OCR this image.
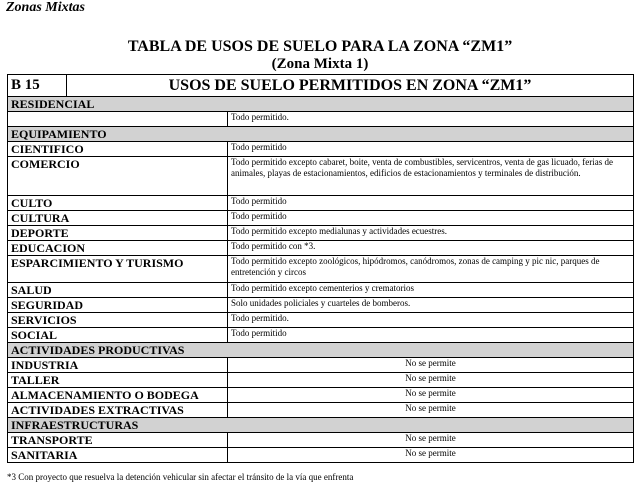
Zonas Mixtas
TABLA DE USOS DE SUELO PARA LA ZONA “ZM1”
(Zona Mixta 1)
B 15	USOS DE SUELO PERMITIDOS EN ZONA “ZM1”

RESIDENCIAL
	Todo permitido.
EQUIPAMIENTO
CIENTIFICO	Todo permitido
COMERCIO	Todo permitido excepto cabaret, boite, venta de combustibles, servicentros, venta de gas licuado, ferias de animales, playas de estacionamientos, edificios de estacionamientos y terminales de distribución.
CULTO	Todo permitido
CULTURA	Todo permitido
DEPORTE	Todo permitido excepto medialunas y actividades ecuestres.
EDUCACION	Todo permitido con *3.
ESPARCIMIENTO Y TURISMO	Todo permitido excepto zoológicos, hipódromos, canódromos, zonas de camping y pic nic, parques de entretención y circos
SALUD	Todo permitido excepto cementerios y crematorios
SEGURIDAD	Solo unidades policiales y cuarteles de bomberos.
SERVICIOS	Todo permitido.
SOCIAL	Todo permitido
ACTIVIDADES PRODUCTIVAS
INDUSTRIA	No se permite
TALLER	No se permite
ALMACENAMIENTO O BODEGA	No se permite
ACTIVIDADES EXTRACTIVAS	No se permite
INFRAESTRUCTURAS
TRANSPORTE	No se permite
SANITARIA	No se permite
*3 Con proyecto que resuelva la detención vehicular sin afectar el tránsito de la vía que enfrenta
